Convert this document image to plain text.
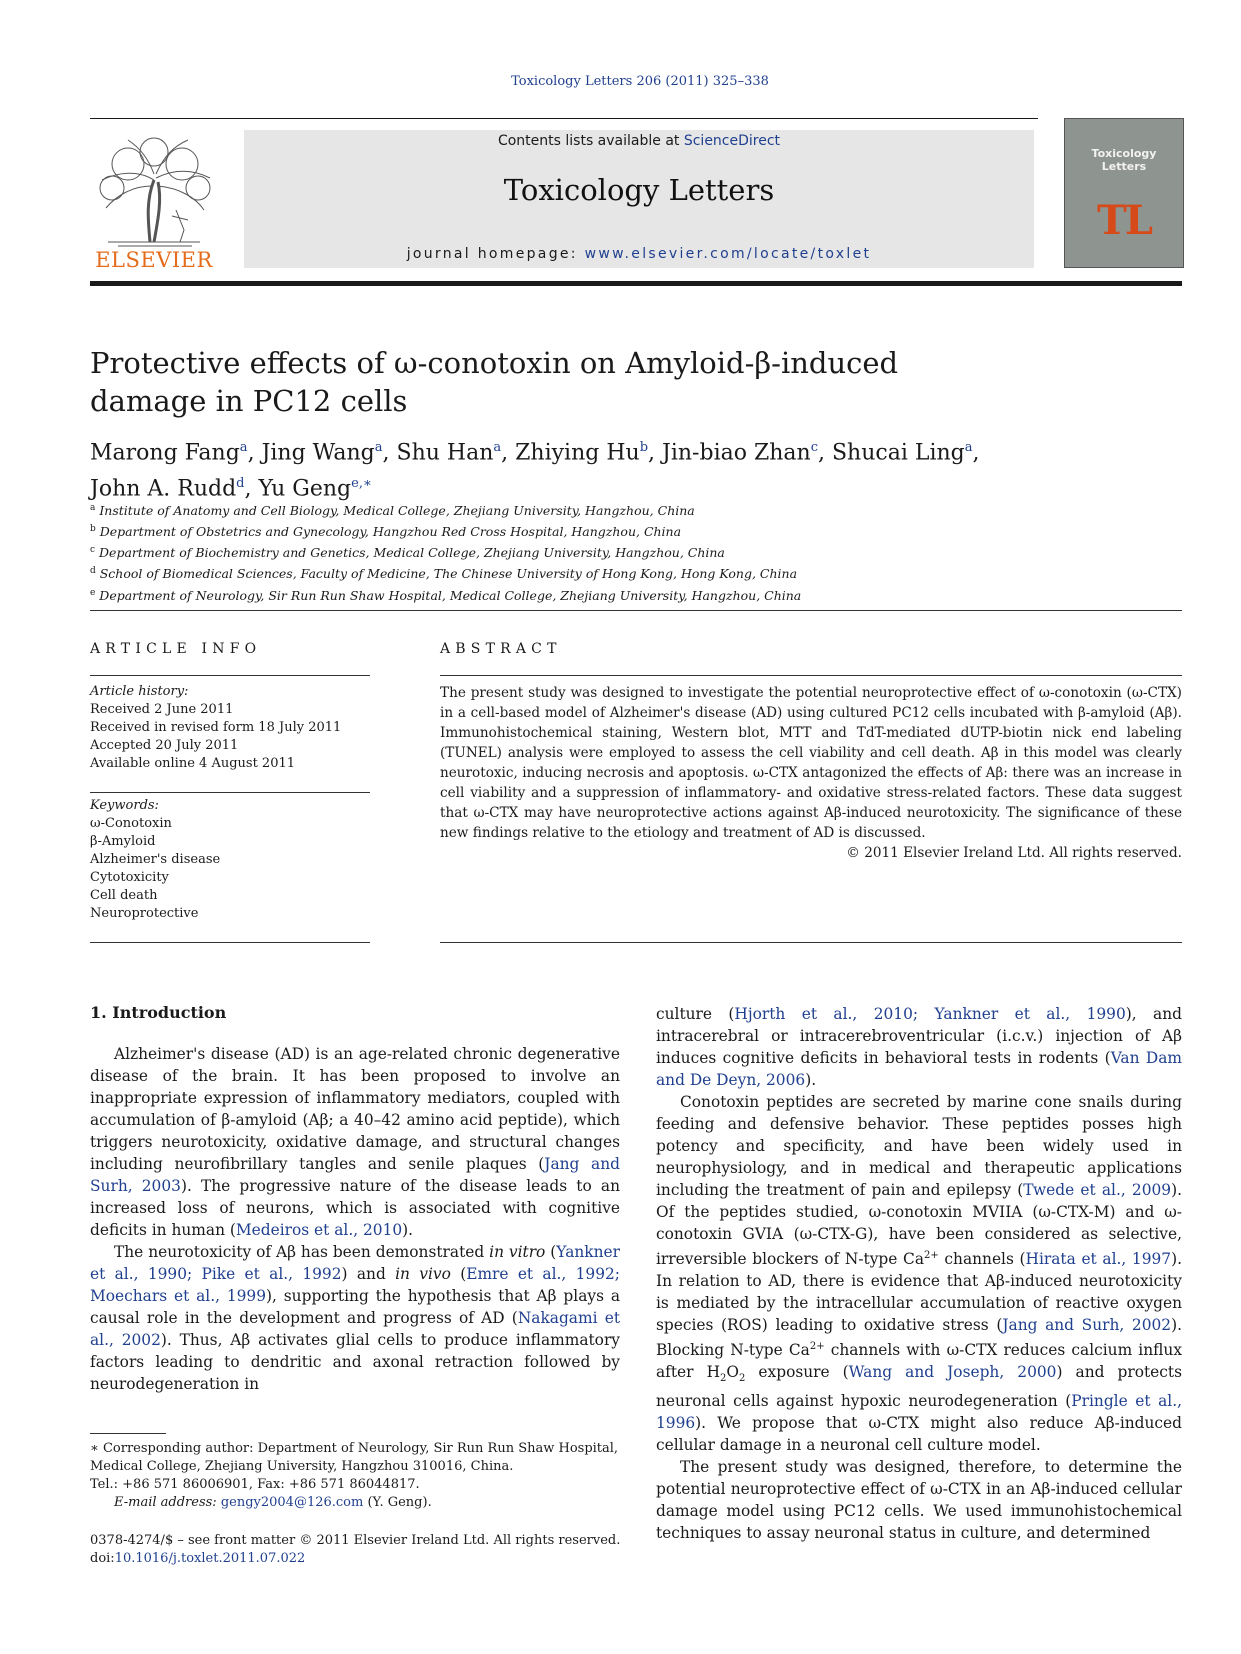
Toxicology Letters 206 (2011) 325–338
ELSEVIER
Contents lists available at ScienceDirect
Toxicology Letters
journal homepage: www.elsevier.com/locate/toxlet
Toxicology
Letters
TL
Protective effects of ω-conotoxin on Amyloid-β-induced
damage in PC12 cells
Marong Fang$^a$, Jing Wang$^a$, Shu Han$^a$, Zhiying Hu$^b$, Jin-biao Zhan$^c$, Shucai Ling$^a$,
John A. Rudd$^d$, Yu Geng$^{e,∗}$
$^a$ Institute of Anatomy and Cell Biology, Medical College, Zhejiang University, Hangzhou, China
$^b$ Department of Obstetrics and Gynecology, Hangzhou Red Cross Hospital, Hangzhou, China
$^c$ Department of Biochemistry and Genetics, Medical College, Zhejiang University, Hangzhou, China
$^d$ School of Biomedical Sciences, Faculty of Medicine, The Chinese University of Hong Kong, Hong Kong, China
$^e$ Department of Neurology, Sir Run Run Shaw Hospital, Medical College, Zhejiang University, Hangzhou, China
ARTICLE INFO	ABSTRACT
Article history:
Received 2 June 2011
Received in revised form 18 July 2011
Accepted 20 July 2011
Available online 4 August 2011
Keywords:
ω-Conotoxin
β-Amyloid
Alzheimer's disease
Cytotoxicity
Cell death
Neuroprotective
The present study was designed to investigate the potential neuroprotective effect of ω-conotoxin (ω-CTX) in a cell-based model of Alzheimer's disease (AD) using cultured PC12 cells incubated with β-amyloid (Aβ). Immunohistochemical staining, Western blot, MTT and TdT-mediated dUTP-biotin nick end labeling (TUNEL) analysis were employed to assess the cell viability and cell death. Aβ in this model was clearly neurotoxic, inducing necrosis and apoptosis. ω-CTX antagonized the effects of Aβ: there was an increase in cell viability and a suppression of inflammatory- and oxidative stress-related factors. These data suggest that ω-CTX may have neuroprotective actions against Aβ-induced neurotoxicity. The significance of these new findings relative to the etiology and treatment of AD is discussed.
© 2011 Elsevier Ireland Ltd. All rights reserved.
1. Introduction

Alzheimer's disease (AD) is an age-related chronic degenerative disease of the brain. It has been proposed to involve an inappropriate expression of inflammatory mediators, coupled with accumulation of β-amyloid (Aβ; a 40–42 amino acid peptide), which triggers neurotoxicity, oxidative damage, and structural changes including neurofibrillary tangles and senile plaques (Jang and Surh, 2003). The progressive nature of the disease leads to an increased loss of neurons, which is associated with cognitive deficits in human (Medeiros et al., 2010).

The neurotoxicity of Aβ has been demonstrated in vitro (Yankner et al., 1990; Pike et al., 1992) and in vivo (Emre et al., 1992; Moechars et al., 1999), supporting the hypothesis that Aβ plays a causal role in the development and progress of AD (Nakagami et al., 2002). Thus, Aβ activates glial cells to produce inflammatory factors leading to dendritic and axonal retraction followed by neurodegeneration in

culture (Hjorth et al., 2010; Yankner et al., 1990), and intracerebral or intracerebroventricular (i.c.v.) injection of Aβ induces cognitive deficits in behavioral tests in rodents (Van Dam and De Deyn, 2006).

Conotoxin peptides are secreted by marine cone snails during feeding and defensive behavior. These peptides posses high potency and specificity, and have been widely used in neurophysiology, and in medical and therapeutic applications including the treatment of pain and epilepsy (Twede et al., 2009). Of the peptides studied, ω-conotoxin MVIIA (ω-CTX-M) and ω-conotoxin GVIA (ω-CTX-G), have been considered as selective, irreversible blockers of N-type $Ca^{2+}$ channels (Hirata et al., 1997). In relation to AD, there is evidence that Aβ-induced neurotoxicity is mediated by the intracellular accumulation of reactive oxygen species (ROS) leading to oxidative stress (Jang and Surh, 2002). Blocking N-type $Ca^{2+}$ channels with ω-CTX reduces calcium influx after $H_2O_2$ exposure (Wang and Joseph, 2000) and protects neuronal cells against hypoxic neurodegeneration (Pringle et al., 1996). We propose that ω-CTX might also reduce Aβ-induced cellular damage in a neuronal cell culture model.

The present study was designed, therefore, to determine the potential neuroprotective effect of ω-CTX in an Aβ-induced cellular damage model using PC12 cells. We used immunohistochemical techniques to assay neuronal status in culture, and determined

∗ Corresponding author: Department of Neurology, Sir Run Run Shaw Hospital, Medical College, Zhejiang University, Hangzhou 310016, China.
Tel.: +86 571 86006901, Fax: +86 571 86044817.
E-mail address: gengy2004@126.com (Y. Geng).
0378-4274/$ – see front matter © 2011 Elsevier Ireland Ltd. All rights reserved.
doi:10.1016/j.toxlet.2011.07.022
